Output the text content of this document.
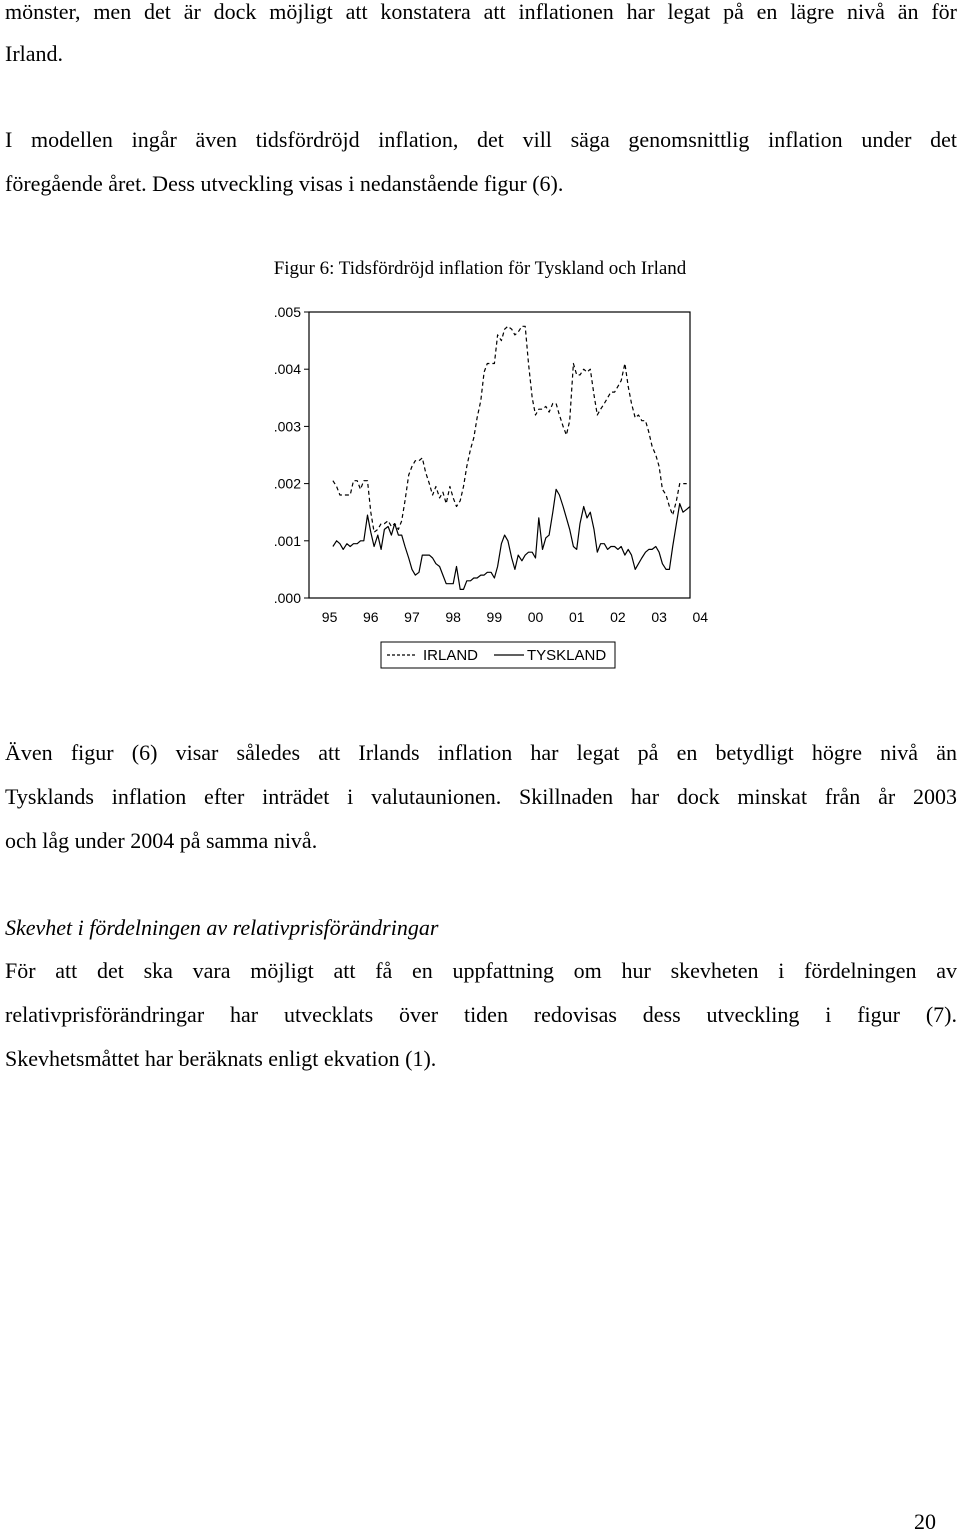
mönster, men det är dock möjligt att konstatera att inflationen har legat på en lägre nivå än för

Irland.

I modellen ingår även tidsfördröjd inflation, det vill säga genomsnittlig inflation under det

föregående året. Dess utveckling visas i nedanstående figur (6).

Figur 6: Tidsfördröjd inflation för Tyskland och Irland
.005
.004
.003
.002
.001
.000
95 96 97 98 99 00 01 02 03 04
IRLAND	TYSKLAND

Även figur (6) visar således att Irlands inflation har legat på en betydligt högre nivå än

Tysklands inflation efter inträdet i valutaunionen. Skillnaden har dock minskat från år 2003

och låg under 2004 på samma nivå.

Skevhet i fördelningen av relativprisförändringar

För att det ska vara möjligt att få en uppfattning om hur skevheten i fördelningen av

relativprisförändringar har utvecklats över tiden redovisas dess utveckling i figur (7).

Skevhetsmåttet har beräknats enligt ekvation (1).

20
